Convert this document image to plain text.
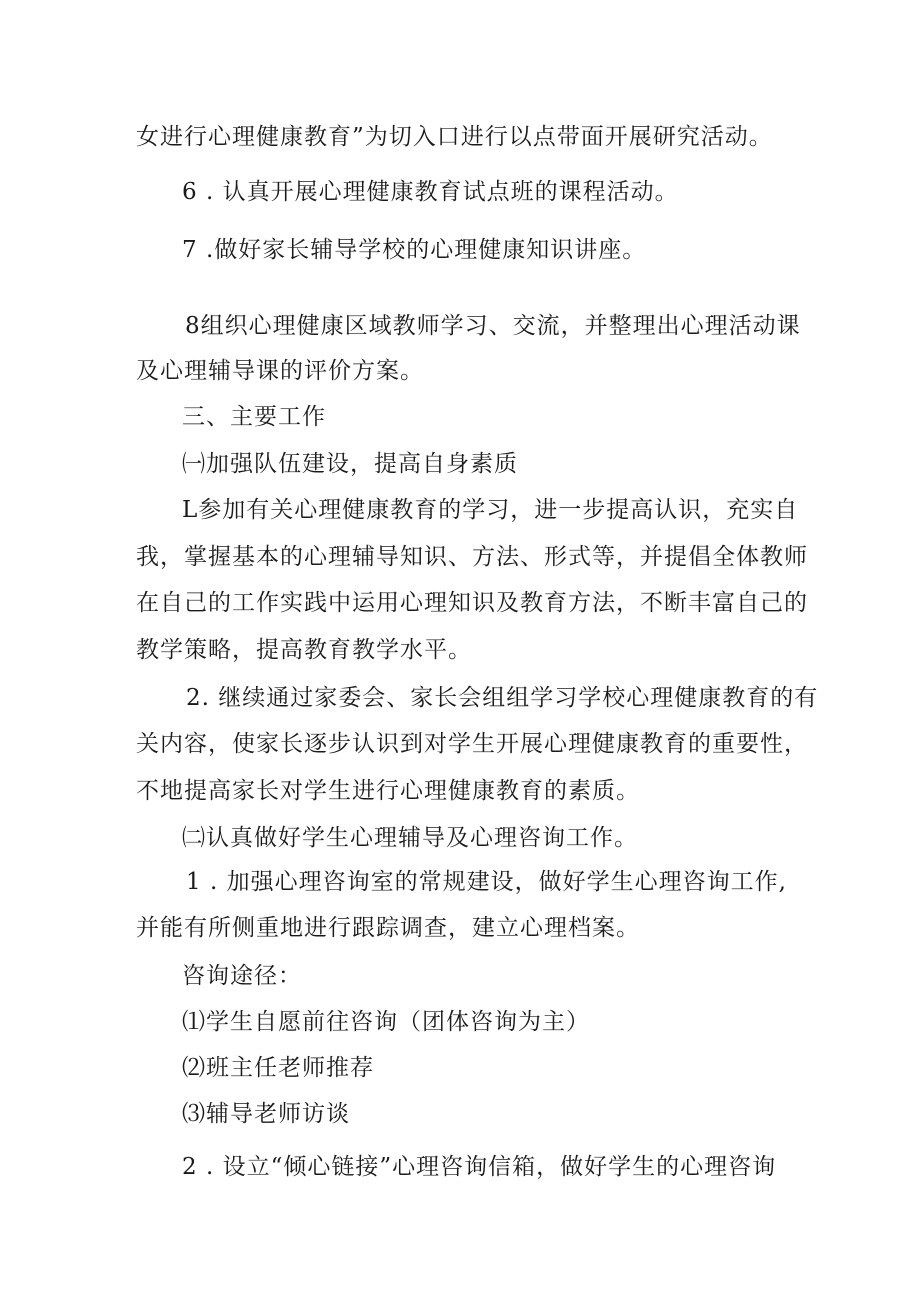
女进行心理健康教育”为切入口进行以点带面开展研究活动。
6 . 认真开展心理健康教育试点班的课程活动。
7 .做好家长辅导学校的心理健康知识讲座。
8组织心理健康区域教师学习、交流，并整理出心理活动课
及心理辅导课的评价方案。
三、主要工作
㈠加强队伍建设，提高自身素质
L参加有关心理健康教育的学习，进一步提高认识，充实自
我，掌握基本的心理辅导知识、方法、形式等，并提倡全体教师
在自己的工作实践中运用心理知识及教育方法，不断丰富自己的
教学策略，提高教育教学水平。
2. 继续通过家委会、家长会组组学习学校心理健康教育的有
关内容，使家长逐步认识到对学生开展心理健康教育的重要性，
不地提高家长对学生进行心理健康教育的素质。
㈡认真做好学生心理辅导及心理咨询工作。
1 . 加强心理咨询室的常规建设，做好学生心理咨询工作,
并能有所侧重地进行跟踪调查，建立心理档案。
咨询途径：
⑴学生自愿前往咨询（团体咨询为主）
⑵班主任老师推荐
⑶辅导老师访谈
2 . 设立“倾心链接”心理咨询信箱，做好学生的心理咨询
